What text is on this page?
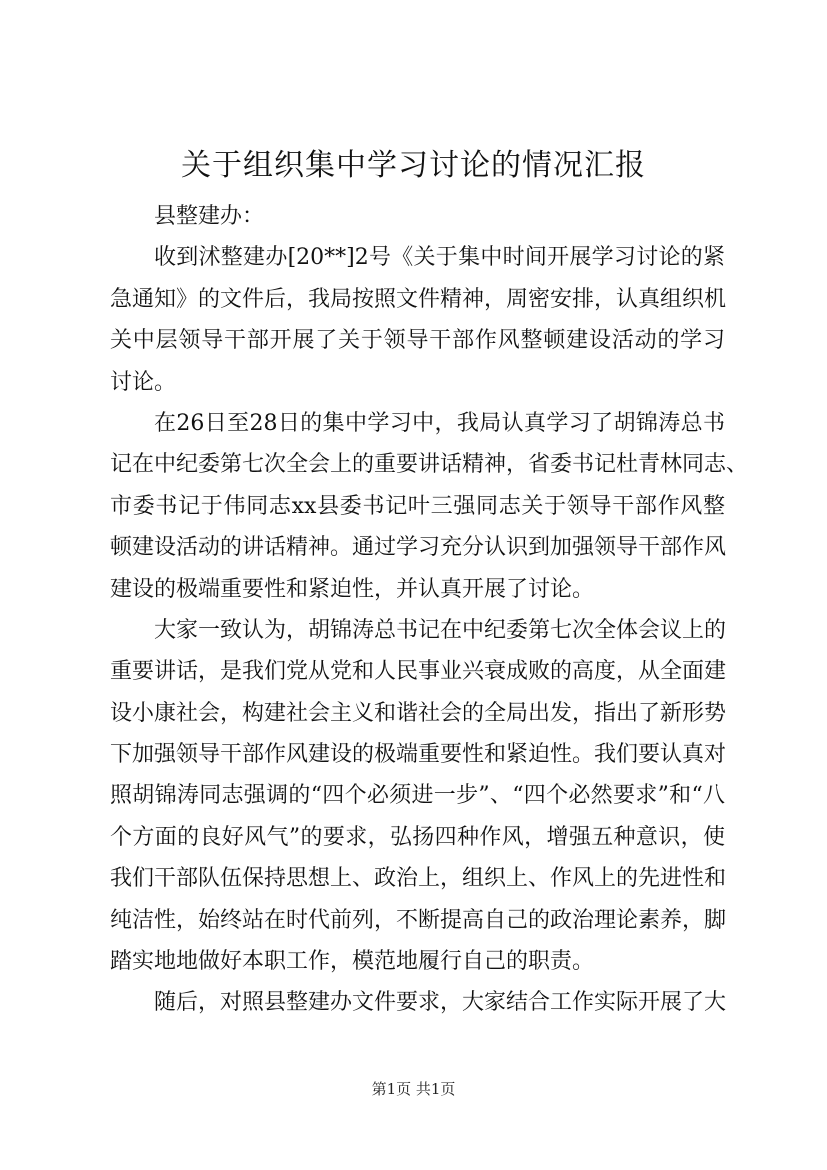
关于组织集中学习讨论的情况汇报
县整建办：
收到沭整建办[20**]2号《关于集中时间开展学习讨论的紧
急通知》的文件后，我局按照文件精神，周密安排，认真组织机
关中层领导干部开展了关于领导干部作风整顿建设活动的学习
讨论。
在26日至28日的集中学习中，我局认真学习了胡锦涛总书
记在中纪委第七次全会上的重要讲话精神，省委书记杜青林同志、
市委书记于伟同志xx县委书记叶三强同志关于领导干部作风整
顿建设活动的讲话精神。通过学习充分认识到加强领导干部作风
建设的极端重要性和紧迫性，并认真开展了讨论。
大家一致认为，胡锦涛总书记在中纪委第七次全体会议上的
重要讲话，是我们党从党和人民事业兴衰成败的高度，从全面建
设小康社会，构建社会主义和谐社会的全局出发，指出了新形势
下加强领导干部作风建设的极端重要性和紧迫性。我们要认真对
照胡锦涛同志强调的“四个必须进一步”、“四个必然要求”和“八
个方面的良好风气”的要求，弘扬四种作风，增强五种意识，使
我们干部队伍保持思想上、政治上，组织上、作风上的先进性和
纯洁性，始终站在时代前列，不断提高自己的政治理论素养，脚
踏实地地做好本职工作，模范地履行自己的职责。
随后，对照县整建办文件要求，大家结合工作实际开展了大
第1页 共1页
